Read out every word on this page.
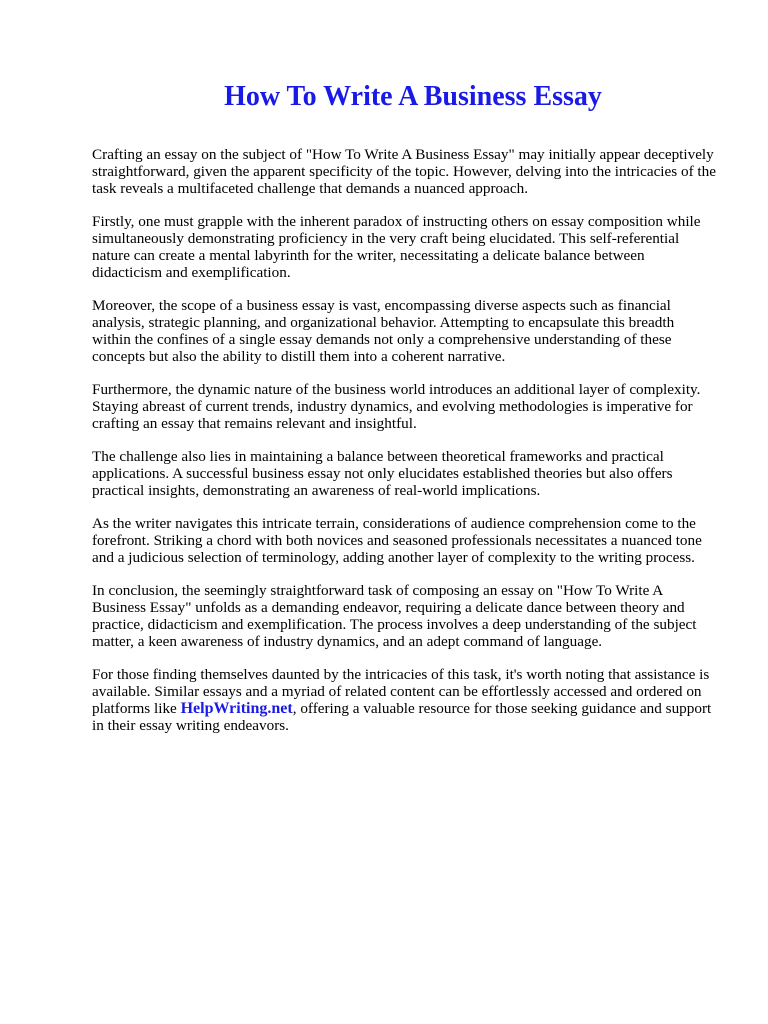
How To Write A Business Essay

Crafting an essay on the subject of "How To Write A Business Essay" may initially appear deceptively straightforward, given the apparent specificity of the topic. However, delving into the intricacies of the task reveals a multifaceted challenge that demands a nuanced approach.

Firstly, one must grapple with the inherent paradox of instructing others on essay composition while simultaneously demonstrating proficiency in the very craft being elucidated. This self-referential nature can create a mental labyrinth for the writer, necessitating a delicate balance between didacticism and exemplification.

Moreover, the scope of a business essay is vast, encompassing diverse aspects such as financial analysis, strategic planning, and organizational behavior. Attempting to encapsulate this breadth within the confines of a single essay demands not only a comprehensive understanding of these concepts but also the ability to distill them into a coherent narrative.

Furthermore, the dynamic nature of the business world introduces an additional layer of complexity. Staying abreast of current trends, industry dynamics, and evolving methodologies is imperative for crafting an essay that remains relevant and insightful.

The challenge also lies in maintaining a balance between theoretical frameworks and practical applications. A successful business essay not only elucidates established theories but also offers practical insights, demonstrating an awareness of real-world implications.

As the writer navigates this intricate terrain, considerations of audience comprehension come to the forefront. Striking a chord with both novices and seasoned professionals necessitates a nuanced tone and a judicious selection of terminology, adding another layer of complexity to the writing process.

In conclusion, the seemingly straightforward task of composing an essay on "How To Write A Business Essay" unfolds as a demanding endeavor, requiring a delicate dance between theory and practice, didacticism and exemplification. The process involves a deep understanding of the subject matter, a keen awareness of industry dynamics, and an adept command of language.

For those finding themselves daunted by the intricacies of this task, it's worth noting that assistance is available. Similar essays and a myriad of related content can be effortlessly accessed and ordered on platforms like HelpWriting.net, offering a valuable resource for those seeking guidance and support in their essay writing endeavors.
